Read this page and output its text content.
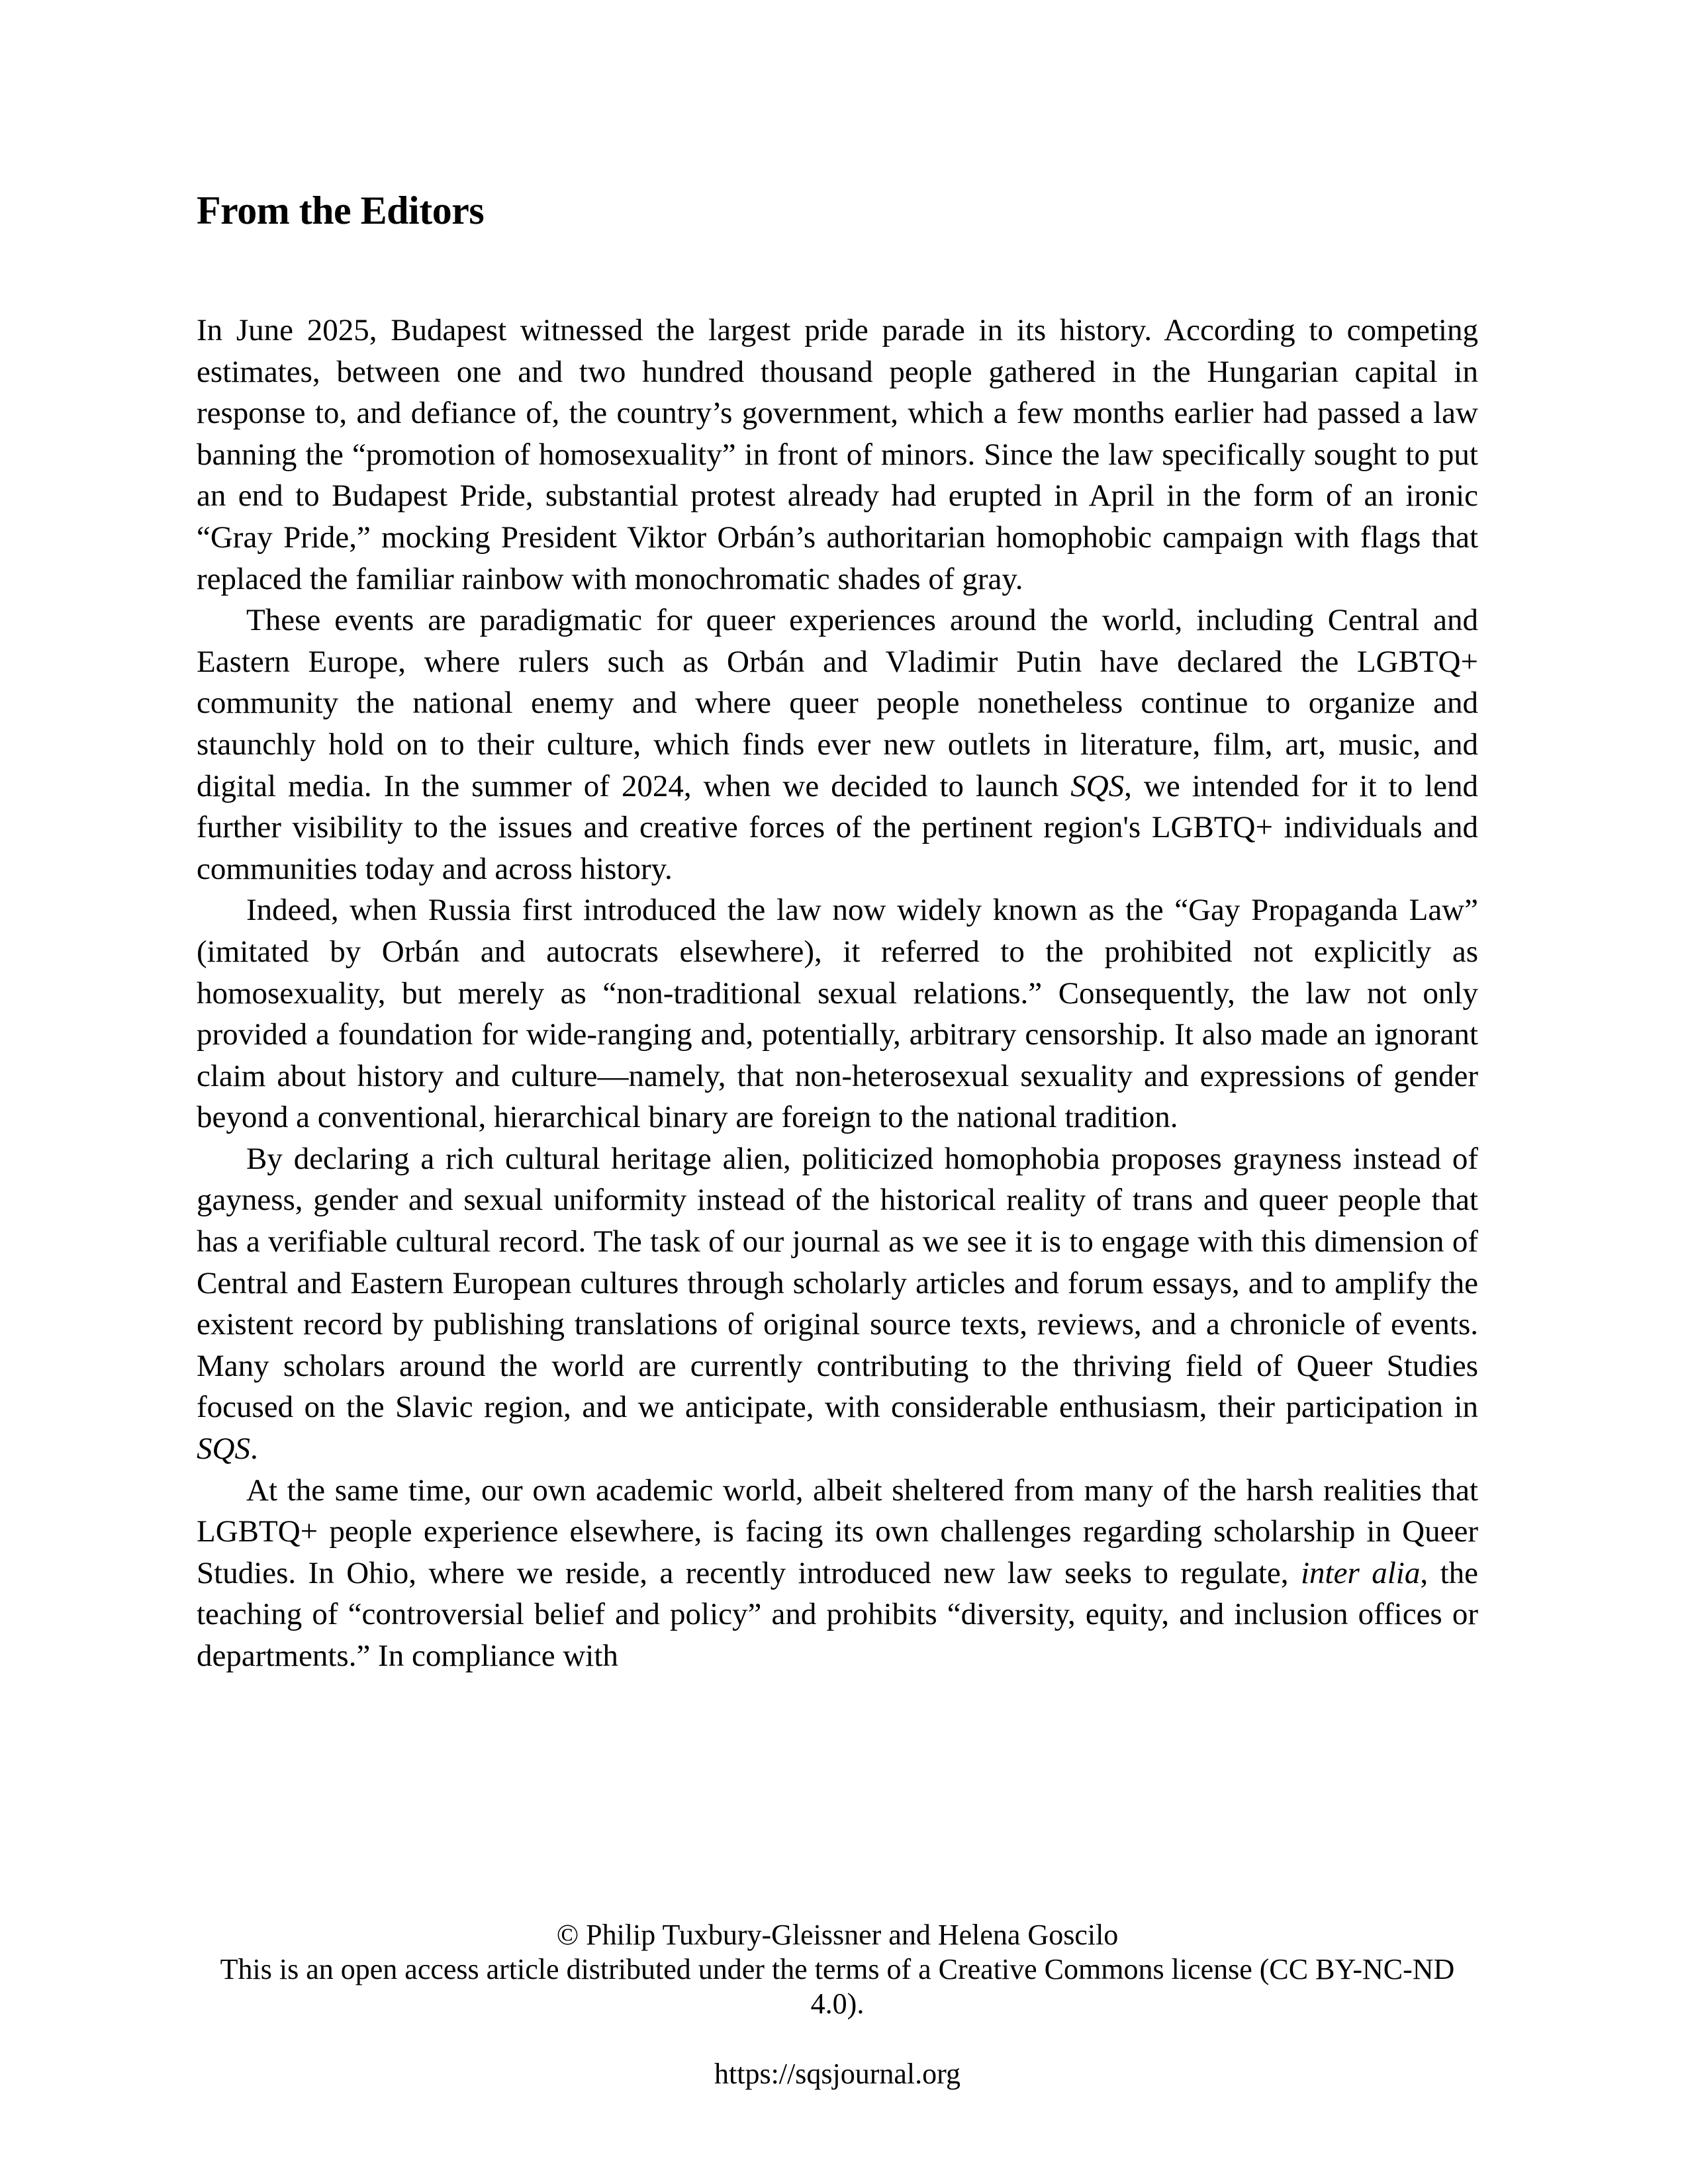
From the Editors

In June 2025, Budapest witnessed the largest pride parade in its history. According to competing estimates, between one and two hundred thousand people gathered in the Hungarian capital in response to, and defiance of, the country’s government, which a few months earlier had passed a law banning the “promotion of homosexuality” in front of minors. Since the law specifically sought to put an end to Budapest Pride, substantial protest already had erupted in April in the form of an ironic “Gray Pride,” mocking President Viktor Orbán’s authoritarian homophobic campaign with flags that replaced the familiar rainbow with monochromatic shades of gray.

These events are paradigmatic for queer experiences around the world, including Central and Eastern Europe, where rulers such as Orbán and Vladimir Putin have declared the LGBTQ+ community the national enemy and where queer people nonetheless continue to organize and staunchly hold on to their culture, which finds ever new outlets in literature, film, art, music, and digital media. In the summer of 2024, when we decided to launch SQS, we intended for it to lend further visibility to the issues and creative forces of the pertinent region's LGBTQ+ individuals and communities today and across history.

Indeed, when Russia first introduced the law now widely known as the “Gay Propaganda Law” (imitated by Orbán and autocrats elsewhere), it referred to the prohibited not explicitly as homosexuality, but merely as “non-traditional sexual relations.” Consequently, the law not only provided a foundation for wide-ranging and, potentially, arbitrary censorship. It also made an ignorant claim about history and culture—namely, that non-heterosexual sexuality and expressions of gender beyond a conventional, hierarchical binary are foreign to the national tradition.

By declaring a rich cultural heritage alien, politicized homophobia proposes grayness instead of gayness, gender and sexual uniformity instead of the historical reality of trans and queer people that has a verifiable cultural record. The task of our journal as we see it is to engage with this dimension of Central and Eastern European cultures through scholarly articles and forum essays, and to amplify the existent record by publishing translations of original source texts, reviews, and a chronicle of events. Many scholars around the world are currently contributing to the thriving field of Queer Studies focused on the Slavic region, and we anticipate, with considerable enthusiasm, their participation in SQS.

At the same time, our own academic world, albeit sheltered from many of the harsh realities that LGBTQ+ people experience elsewhere, is facing its own challenges regarding scholarship in Queer Studies. In Ohio, where we reside, a recently introduced new law seeks to regulate, inter alia, the teaching of “controversial belief and policy” and prohibits “diversity, equity, and inclusion offices or departments.” In compliance with

© Philip Tuxbury-Gleissner and Helena Goscilo

This is an open access article distributed under the terms of a Creative Commons license (CC BY-NC-ND 4.0).

https://sqsjournal.org
